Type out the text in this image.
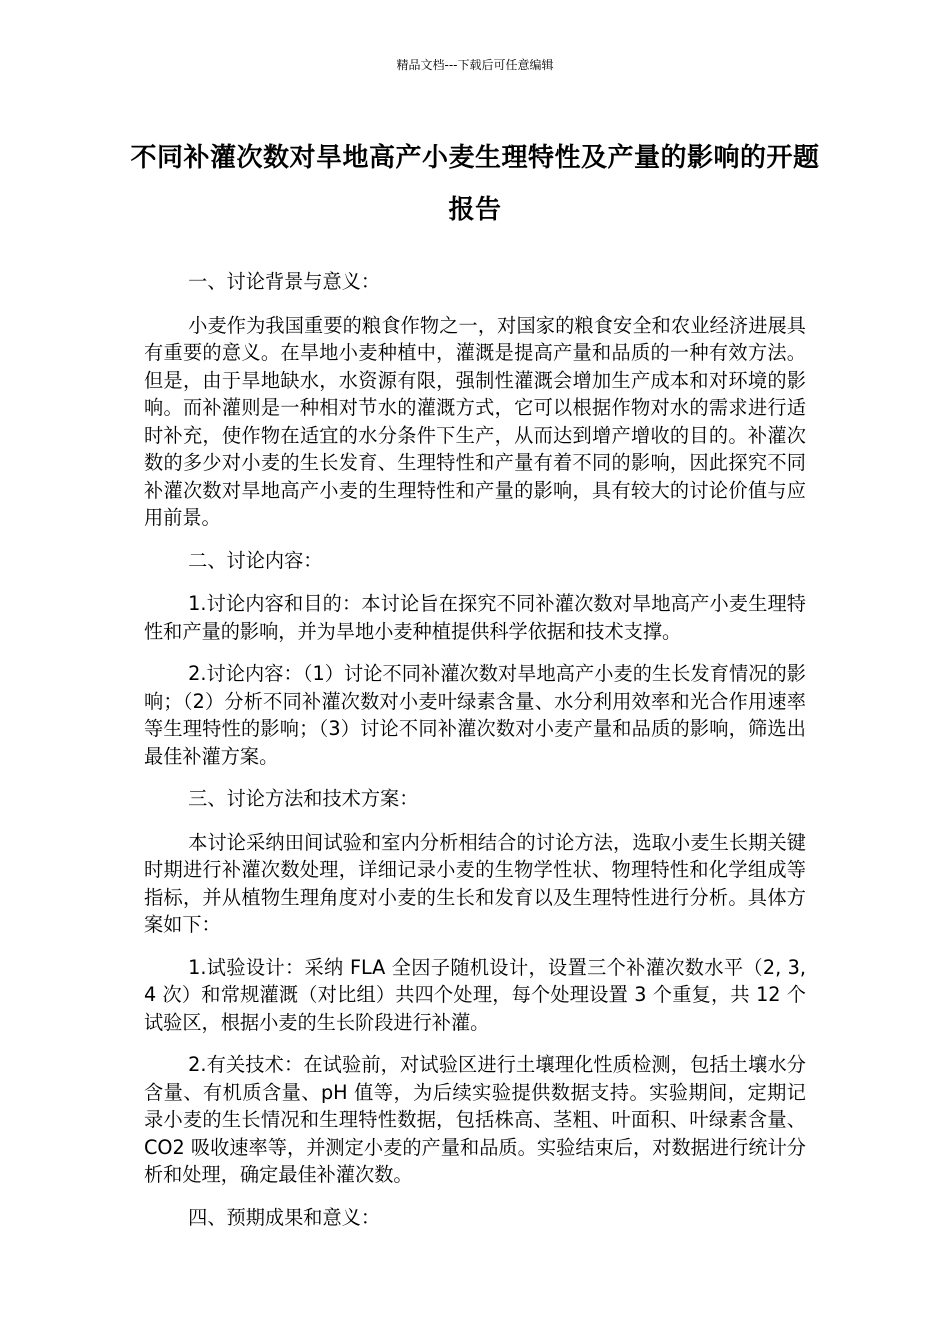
精品文档---下载后可任意编辑
不同补灌次数对旱地高产小麦生理特性及产量的影响的开题报告

一、讨论背景与意义：

小麦作为我国重要的粮食作物之一，对国家的粮食安全和农业经济进展具有重要的意义。在旱地小麦种植中，灌溉是提高产量和品质的一种有效方法。但是，由于旱地缺水，水资源有限，强制性灌溉会增加生产成本和对环境的影响。而补灌则是一种相对节水的灌溉方式，它可以根据作物对水的需求进行适时补充，使作物在适宜的水分条件下生产，从而达到增产增收的目的。补灌次数的多少对小麦的生长发育、生理特性和产量有着不同的影响，因此探究不同补灌次数对旱地高产小麦的生理特性和产量的影响，具有较大的讨论价值与应用前景。

二、讨论内容：

1.讨论内容和目的：本讨论旨在探究不同补灌次数对旱地高产小麦生理特性和产量的影响，并为旱地小麦种植提供科学依据和技术支撑。

2.讨论内容：（1）讨论不同补灌次数对旱地高产小麦的生长发育情况的影响；（2）分析不同补灌次数对小麦叶绿素含量、水分利用效率和光合作用速率等生理特性的影响；（3）讨论不同补灌次数对小麦产量和品质的影响，筛选出最佳补灌方案。

三、讨论方法和技术方案：

本讨论采纳田间试验和室内分析相结合的讨论方法，选取小麦生长期关键时期进行补灌次数处理，详细记录小麦的生物学性状、物理特性和化学组成等指标，并从植物生理角度对小麦的生长和发育以及生理特性进行分析。具体方案如下：

1.试验设计：采纳 FLA 全因子随机设计，设置三个补灌次数水平（2, 3, 4 次）和常规灌溉（对比组）共四个处理，每个处理设置 3 个重复，共 12 个试验区，根据小麦的生长阶段进行补灌。

2.有关技术：在试验前，对试验区进行土壤理化性质检测，包括土壤水分含量、有机质含量、pH 值等，为后续实验提供数据支持。实验期间，定期记录小麦的生长情况和生理特性数据，包括株高、茎粗、叶面积、叶绿素含量、CO2 吸收速率等，并测定小麦的产量和品质。实验结束后，对数据进行统计分析和处理，确定最佳补灌次数。

四、预期成果和意义：
